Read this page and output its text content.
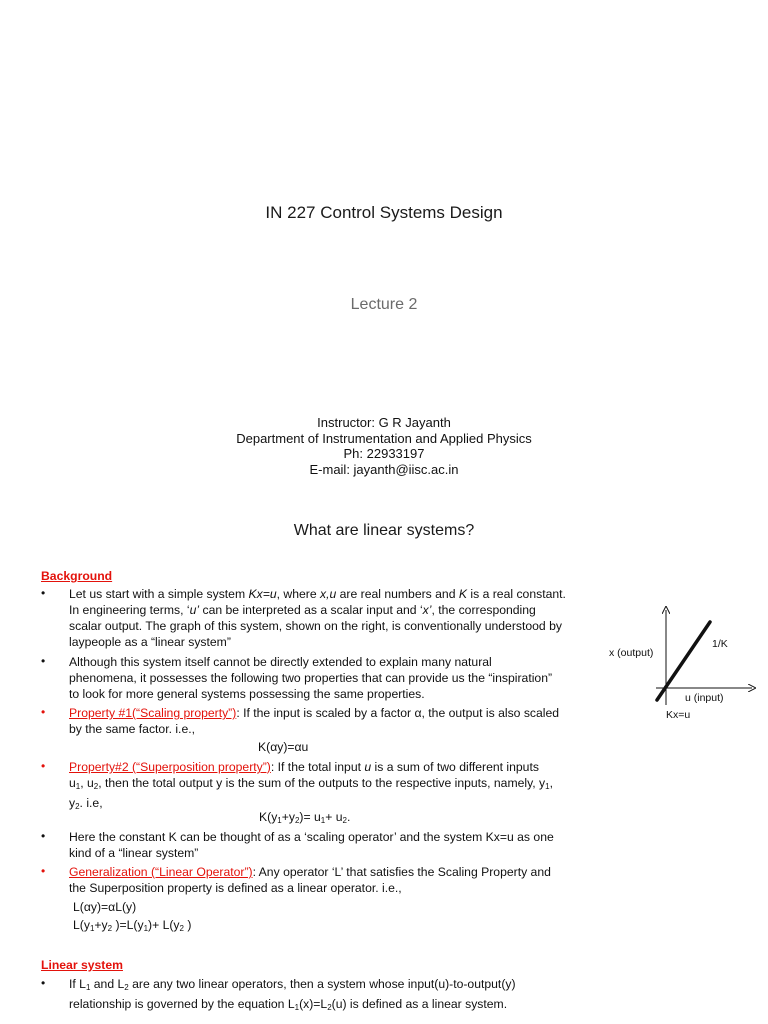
IN 227 Control Systems Design
Lecture 2
Instructor: G R Jayanth
Department of Instrumentation and Applied Physics
Ph: 22933197
E-mail: jayanth@iisc.ac.in
What are linear systems?
Background
• Let us start with a simple system Kx=u, where x,u are real numbers and K is a real constant.
In engineering terms, ‘u’ can be interpreted as a scalar input and ‘x’, the corresponding
scalar output. The graph of this system, shown on the right, is conventionally understood by
laypeople as a “linear system”
• Although this system itself cannot be directly extended to explain many natural
phenomena, it possesses the following two properties that can provide us the “inspiration”
to look for more general systems possessing the same properties.
• Property #1(“Scaling property”): If the input is scaled by a factor α, the output is also scaled
by the same factor. i.e.,
K(αy)=αu
• Property#2 (“Superposition property”): If the total input u is a sum of two different inputs
$u_1$, $u_2$, then the total output y is the sum of the outputs to the respective inputs, namely, $y_1$,
$y_2$. i.e,
$K(y_1+y_2)= u_1+ u_2$.
• Here the constant K can be thought of as a ‘scaling operator’ and the system Kx=u as one
kind of a “linear system”
• Generalization (“Linear Operator”): Any operator ‘L’ that satisfies the Scaling Property and
the Superposition property is defined as a linear operator. i.e.,
L(αy)=αL(y)
$L(y_1+y_2$ )$=L(y_1)+ L(y_2$ )
Linear system
• If $L_1$ and $L_2$ are any two linear operators, then a system whose input(u)-to-output(y)
relationship is governed by the equation $L_1(x)=L_2(u)$ is defined as a linear system.
x (output)
1/K
u (input)
Kx=u
